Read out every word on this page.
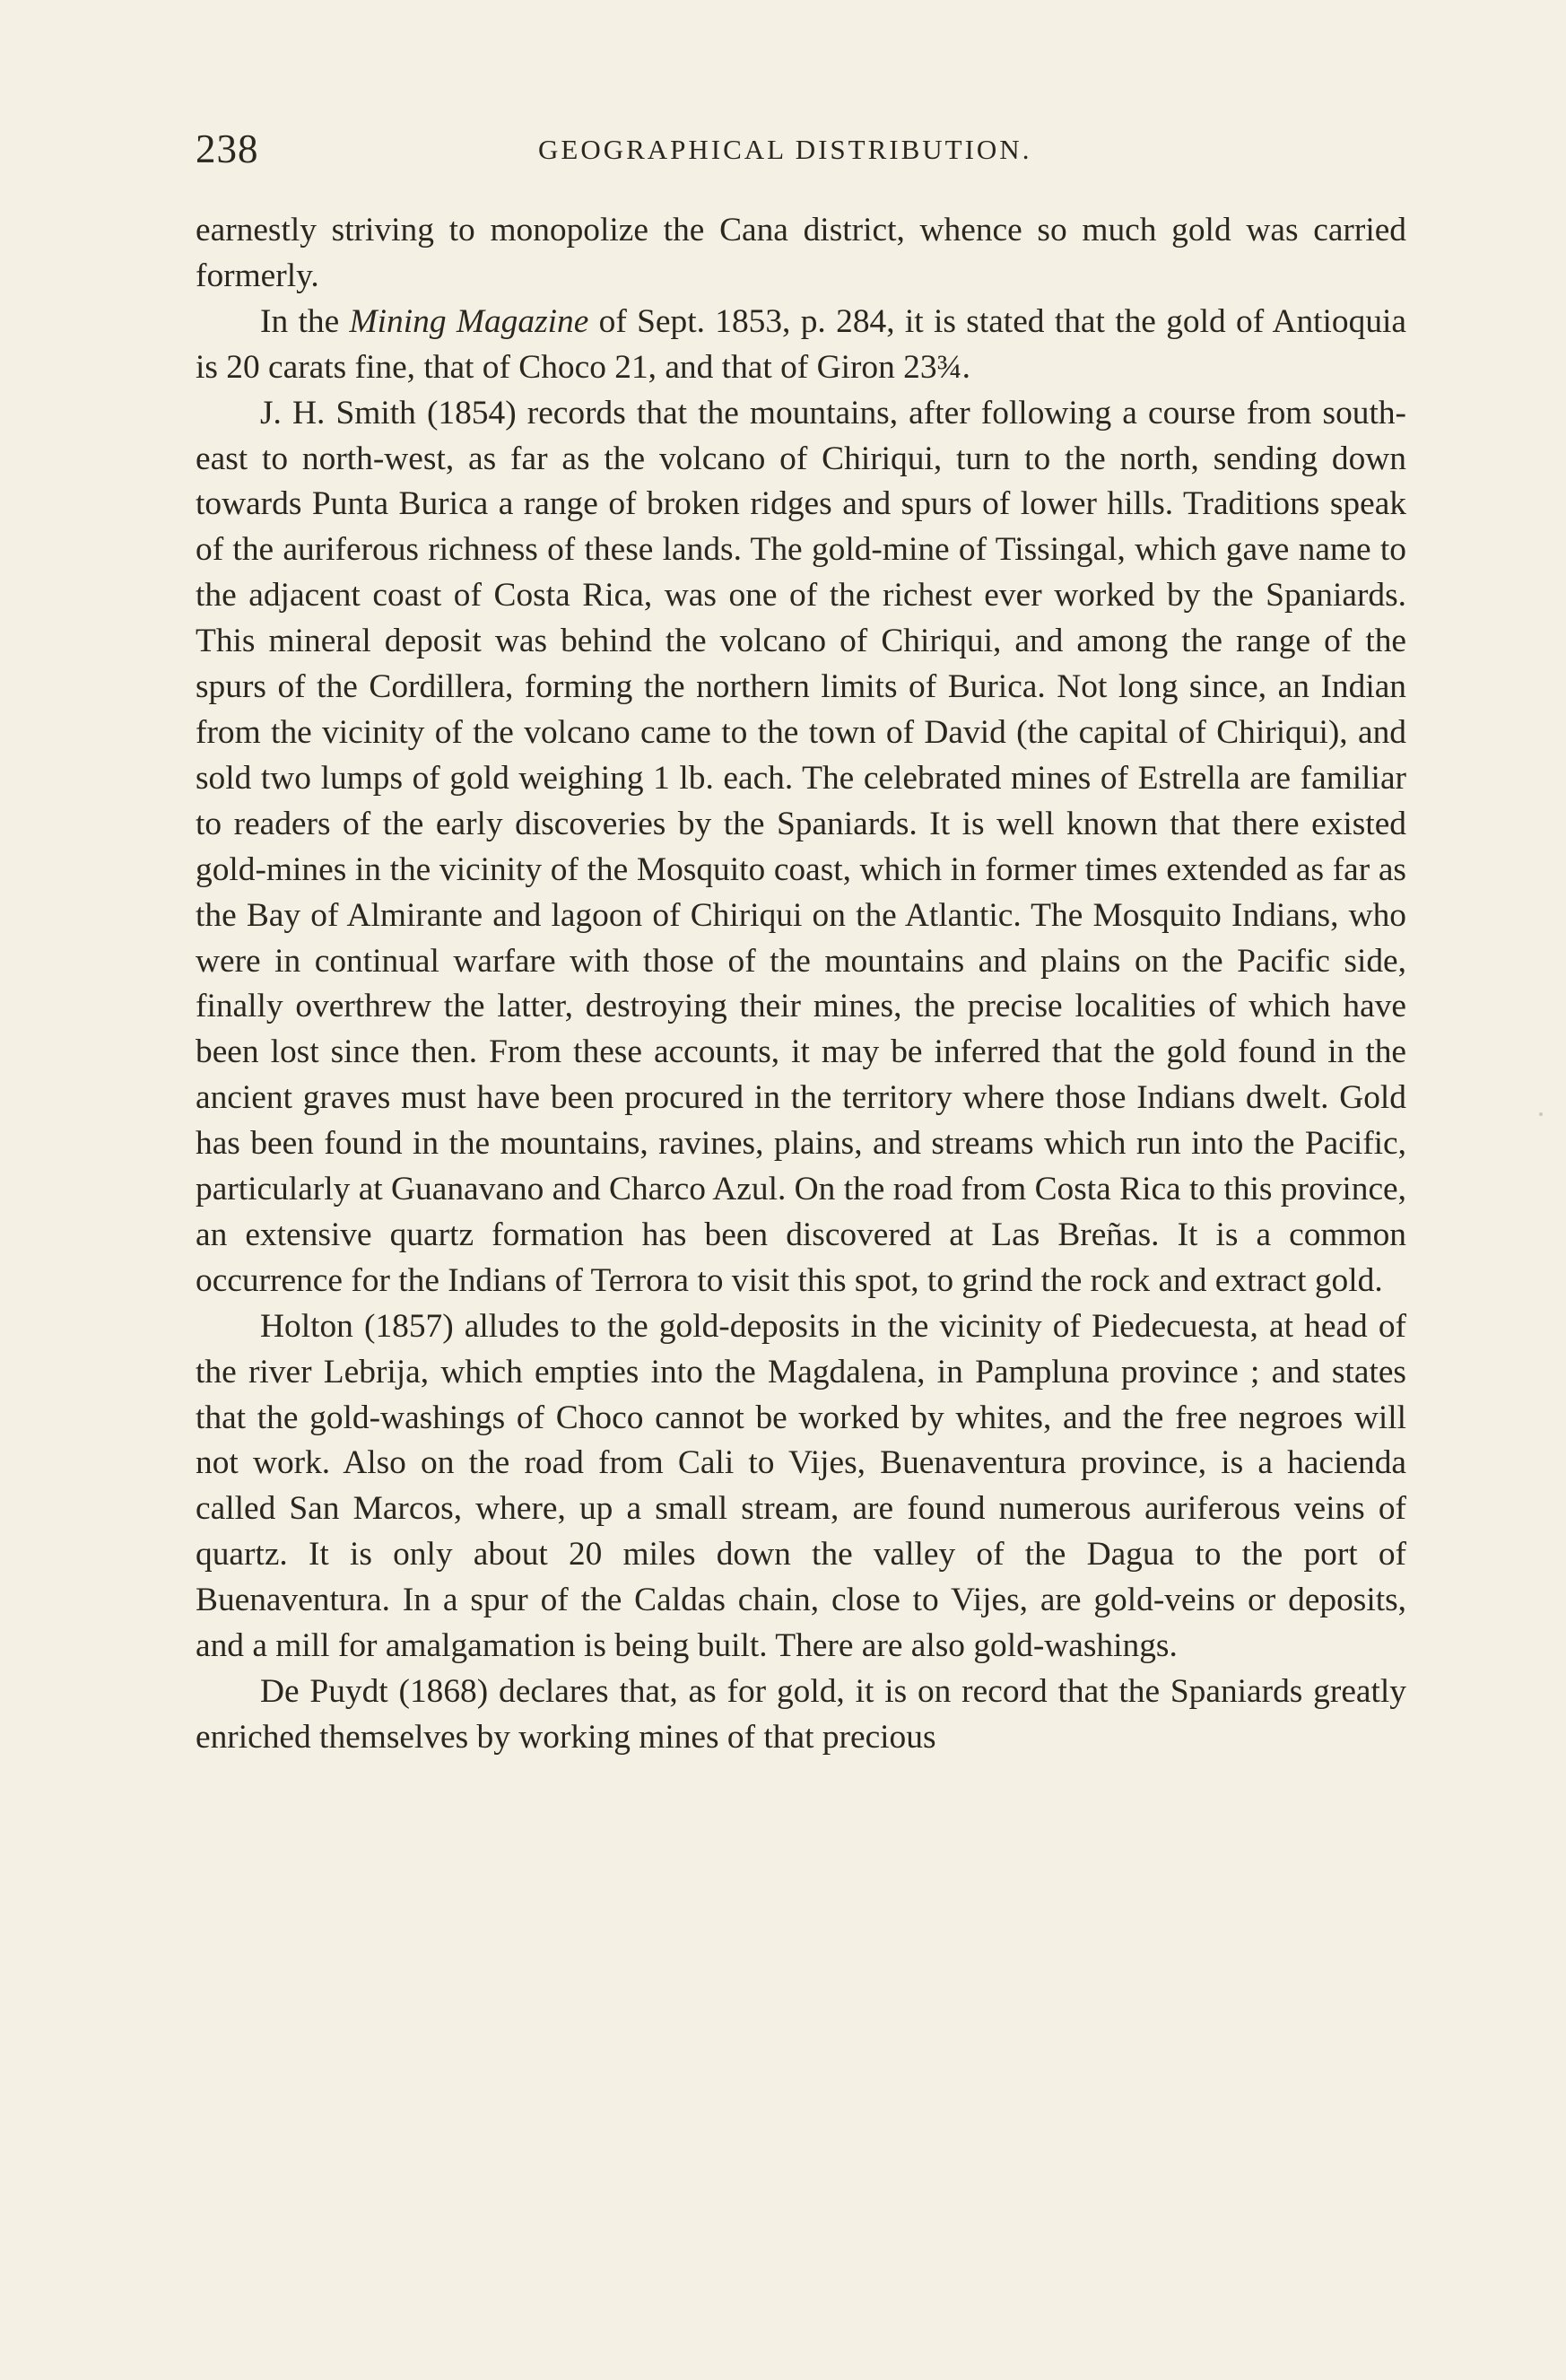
238	GEOGRAPHICAL DISTRIBUTION.

earnestly striving to monopolize the Cana district, whence so much gold was carried formerly.

In the Mining Magazine of Sept. 1853, p. 284, it is stated that the gold of Antioquia is 20 carats fine, that of Choco 21, and that of Giron 23¾.

J. H. Smith (1854) records that the mountains, after following a course from south-east to north-west, as far as the volcano of Chiriqui, turn to the north, sending down towards Punta Burica a range of broken ridges and spurs of lower hills. Traditions speak of the auriferous richness of these lands. The gold-mine of Tissingal, which gave name to the adjacent coast of Costa Rica, was one of the richest ever worked by the Spaniards. This mineral deposit was behind the volcano of Chiriqui, and among the range of the spurs of the Cordillera, forming the northern limits of Burica. Not long since, an Indian from the vicinity of the volcano came to the town of David (the capital of Chiriqui), and sold two lumps of gold weighing 1 lb. each. The celebrated mines of Estrella are familiar to readers of the early discoveries by the Spaniards. It is well known that there existed gold-mines in the vicinity of the Mosquito coast, which in former times extended as far as the Bay of Almirante and lagoon of Chiriqui on the Atlantic. The Mosquito Indians, who were in continual warfare with those of the mountains and plains on the Pacific side, finally overthrew the latter, destroying their mines, the precise localities of which have been lost since then. From these accounts, it may be inferred that the gold found in the ancient graves must have been procured in the territory where those Indians dwelt. Gold has been found in the mountains, ravines, plains, and streams which run into the Pacific, particularly at Guanavano and Charco Azul. On the road from Costa Rica to this province, an extensive quartz formation has been discovered at Las Breñas. It is a common occurrence for the Indians of Terrora to visit this spot, to grind the rock and extract gold.

Holton (1857) alludes to the gold-deposits in the vicinity of Piedecuesta, at head of the river Lebrija, which empties into the Magdalena, in Pampluna province ; and states that the gold-washings of Choco cannot be worked by whites, and the free negroes will not work. Also on the road from Cali to Vijes, Buenaventura province, is a hacienda called San Marcos, where, up a small stream, are found numerous auriferous veins of quartz. It is only about 20 miles down the valley of the Dagua to the port of Buenaventura. In a spur of the Caldas chain, close to Vijes, are gold-veins or deposits, and a mill for amalgamation is being built. There are also gold-washings.

De Puydt (1868) declares that, as for gold, it is on record that the Spaniards greatly enriched themselves by working mines of that precious
